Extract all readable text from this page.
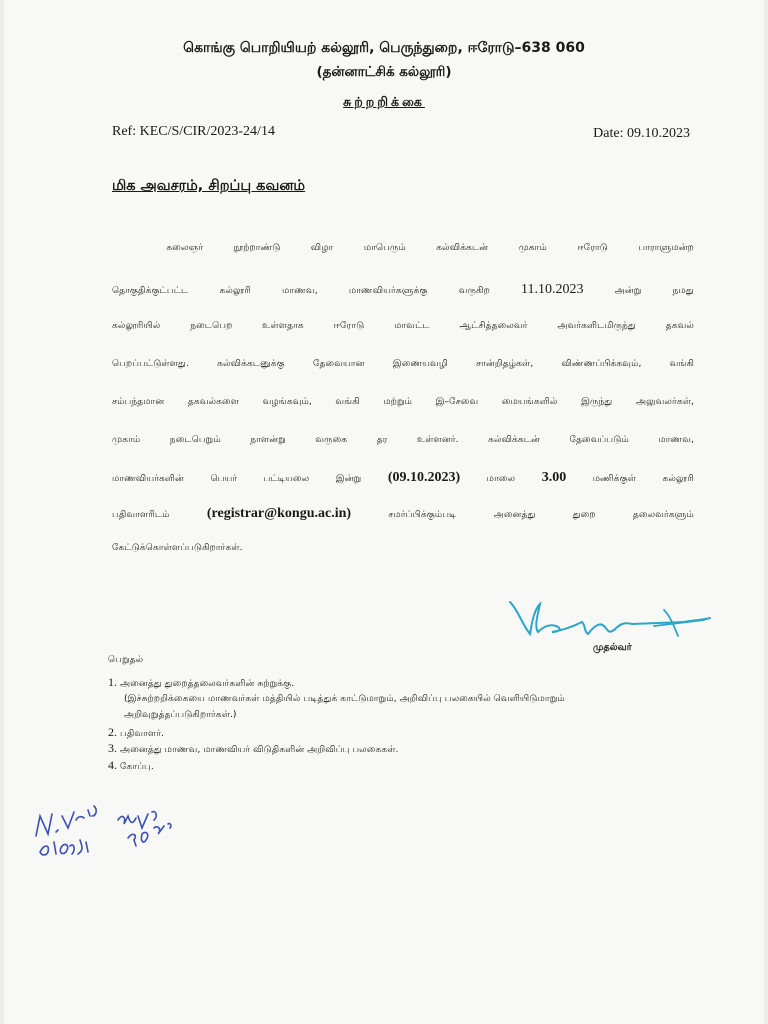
கொங்கு பொறியியற் கல்லூரி, பெருந்துறை, ஈரோடு–638 060
(தன்னாட்சிக் கல்லூரி)
சுற்றறிக்கை
Ref: KEC/S/CIR/2023-24/14	Date: 09.10.2023
மிக அவசரம், சிறப்பு கவனம்
கலைஞர்	நூற்றாண்டு	விழா	மாபெரும்	கல்விக்கடன்	முகாம்	ஈரோடு	பாராளுமன்ற
தொகுதிக்குட்பட்ட	கல்லூரி	மாணவ,	மாணவியர்களுக்கு	வருகிற 11.10.2023	அன்று	நமது
கல்லூரியில்	நடைபெற	உள்ளதாக	ஈரோடு	மாவட்ட	ஆட்சித்தலைவர்	அவர்களிடமிருந்து	தகவல்
பெறப்பட்டுள்ளது.	கல்விக்கடனுக்கு	தேவையான	இணையவழி	சான்றிதழ்கள்,	விண்ணப்பிக்கவும்,	வங்கி
சம்பந்தமான	தகவல்களை	வழங்கவும்,	வங்கி	மற்றும்	இ–சேவை	மையங்களில்	இருந்து	அலுவலர்கள்,
முகாம்	நடைபெறும்	நாளன்று	வருகை	தர	உள்ளனர்.	கல்விக்கடன்	தேவைப்படும்	மாணவ,
மாணவியர்களின்	பெயர்	பட்டியலை	இன்று (09.10.2023)	மாலை 3.00	மணிக்குள்	கல்லூரி
பதிவாளரிடம்	(registrar@kongu.ac.in)	சமர்ப்பிக்கும்படி	அனைத்து	துறை	தலைவர்களும்
கேட்டுக்கொள்ளப்படுகிறார்கள்.
முதல்வர்
பெறுதல்
1. அனைத்து துறைத்தலைவர்களின் சுற்றுக்கு.
(இச்சுற்றறிக்கையை மாணவர்கள் மத்தியில் படித்துக் காட்டுமாறும், அறிவிப்பு பலகையில் வெளியிடுமாறும்
அறிவுறுத்தப்படுகிறார்கள்.)
2. பதிவாளர்.
3. அனைத்து மாணவ, மாணவியர் விடுதிகளின் அறிவிப்பு பலகைகள்.
4. கோப்பு.
